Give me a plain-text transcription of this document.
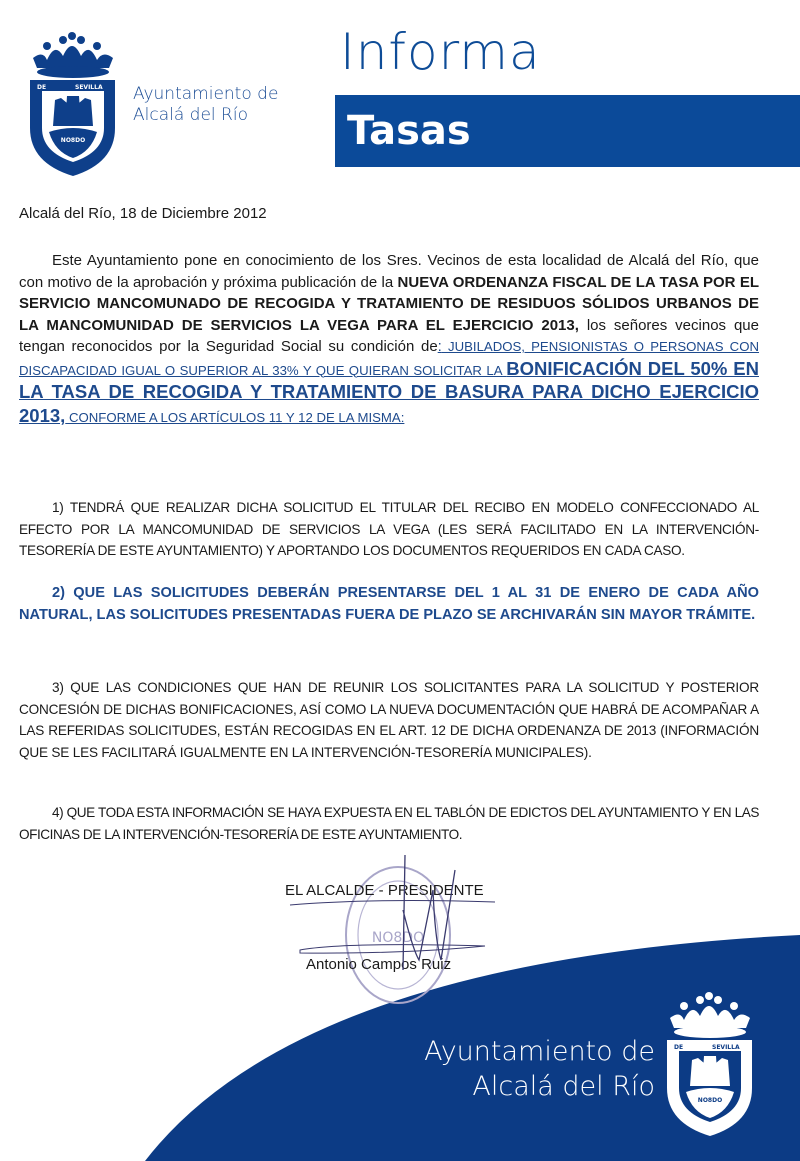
NO8DO
DE	SEVILLA Ayuntamiento de
Alcalá del Río
Informa
Tasas
Alcalá del Río, 18 de Diciembre 2012
Este Ayuntamiento pone en conocimiento de los Sres. Vecinos de esta localidad de Alcalá del Río, que con motivo de la aprobación y próxima publicación de la NUEVA ORDENANZA FISCAL DE LA TASA POR EL SERVICIO MANCOMUNADO DE RECOGIDA Y TRATAMIENTO DE RESIDUOS SÓLIDOS URBANOS DE LA MANCOMUNIDAD DE SERVICIOS LA VEGA PARA EL EJERCICIO 2013, los señores vecinos que tengan reconocidos por la Seguridad Social su condición de: JUBILADOS, PENSIONISTAS O PERSONAS CON DISCAPACIDAD IGUAL O SUPERIOR AL 33% Y QUE QUIERAN SOLICITAR LA BONIFICACIÓN DEL 50% EN LA TASA DE RECOGIDA Y TRATAMIENTO DE BASURA PARA DICHO EJERCICIO 2013, CONFORME A LOS ARTÍCULOS 11 Y 12 DE LA MISMA:
1) TENDRÁ QUE REALIZAR DICHA SOLICITUD EL TITULAR DEL RECIBO EN MODELO CONFECCIONADO AL EFECTO POR LA MANCOMUNIDAD DE SERVICIOS LA VEGA (LES SERÁ FACILITADO EN LA INTERVENCIÓN-TESORERÍA DE ESTE AYUNTAMIENTO) Y APORTANDO LOS DOCUMENTOS REQUERIDOS EN CADA CASO.
2) QUE LAS SOLICITUDES DEBERÁN PRESENTARSE DEL 1 AL 31 DE ENERO DE CADA AÑO NATURAL, LAS SOLICITUDES PRESENTADAS FUERA DE PLAZO SE ARCHIVARÁN SIN MAYOR TRÁMITE.
3) QUE LAS CONDICIONES QUE HAN DE REUNIR LOS SOLICITANTES PARA LA SOLICITUD Y POSTERIOR CONCESIÓN DE DICHAS BONIFICACIONES, ASÍ COMO LA NUEVA DOCUMENTACIÓN QUE HABRÁ DE ACOMPAÑAR A LAS REFERIDAS SOLICITUDES, ESTÁN RECOGIDAS EN EL ART. 12 DE DICHA ORDENANZA DE 2013 (INFORMACIÓN QUE SE LES FACILITARÁ IGUALMENTE EN LA INTERVENCIÓN-TESORERÍA MUNICIPALES).
4) QUE TODA ESTA INFORMACIÓN SE HAYA EXPUESTA EN EL TABLÓN DE EDICTOS DEL AYUNTAMIENTO Y EN LAS OFICINAS DE LA INTERVENCIÓN-TESORERÍA DE ESTE AYUNTAMIENTO.
NO8DO
EL ALCALDE - PRESIDENTE
Antonio Campos Ruiz
Ayuntamiento de
Alcalá del Río	NO8DO
DE	SEVILLA
